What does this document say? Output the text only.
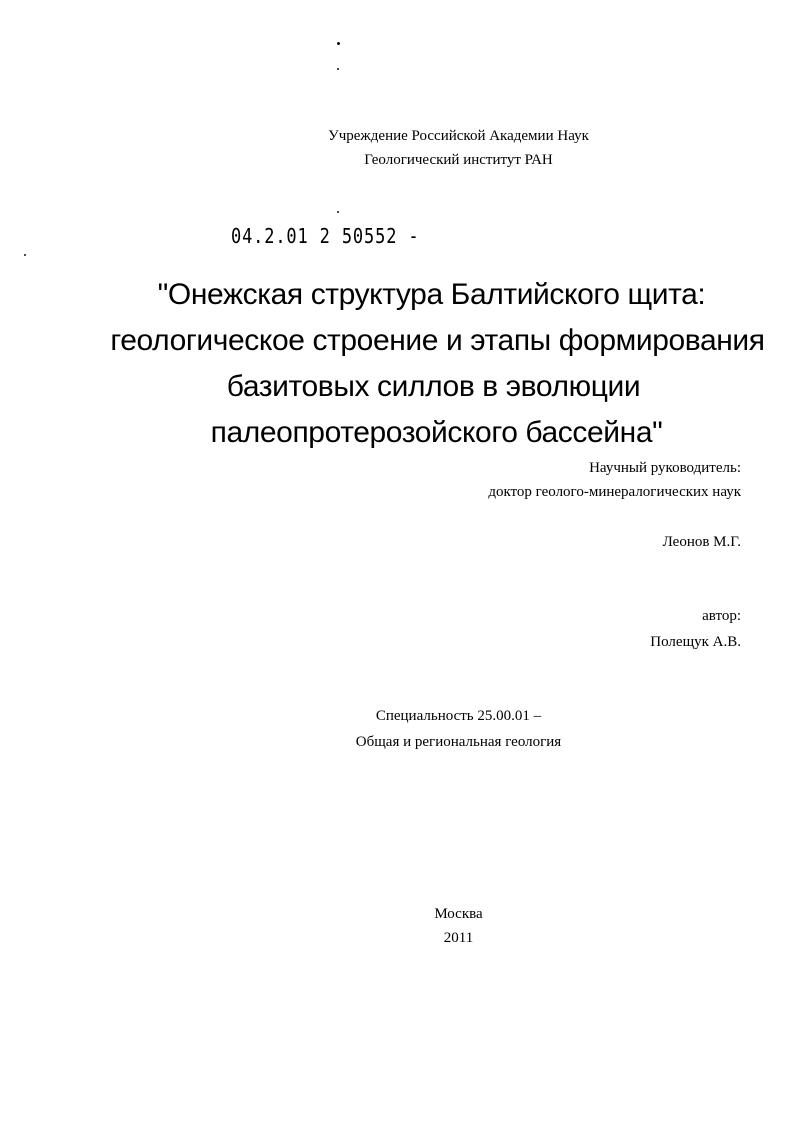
Учреждение Российской Академии Наук
Геологический институт РАН
04.2.01 2 50552 -
"Онежская структура Балтийского щита:
геологическое строение и этапы формирования
базитовых силлов в эволюции
палеопротерозойского бассейна"
Научный руководитель:
доктор геолого-минералогических наук
Леонов М.Г.
автор:
Полещук А.В.
Специальность 25.00.01 –
Общая и региональная геология
Москва
2011
